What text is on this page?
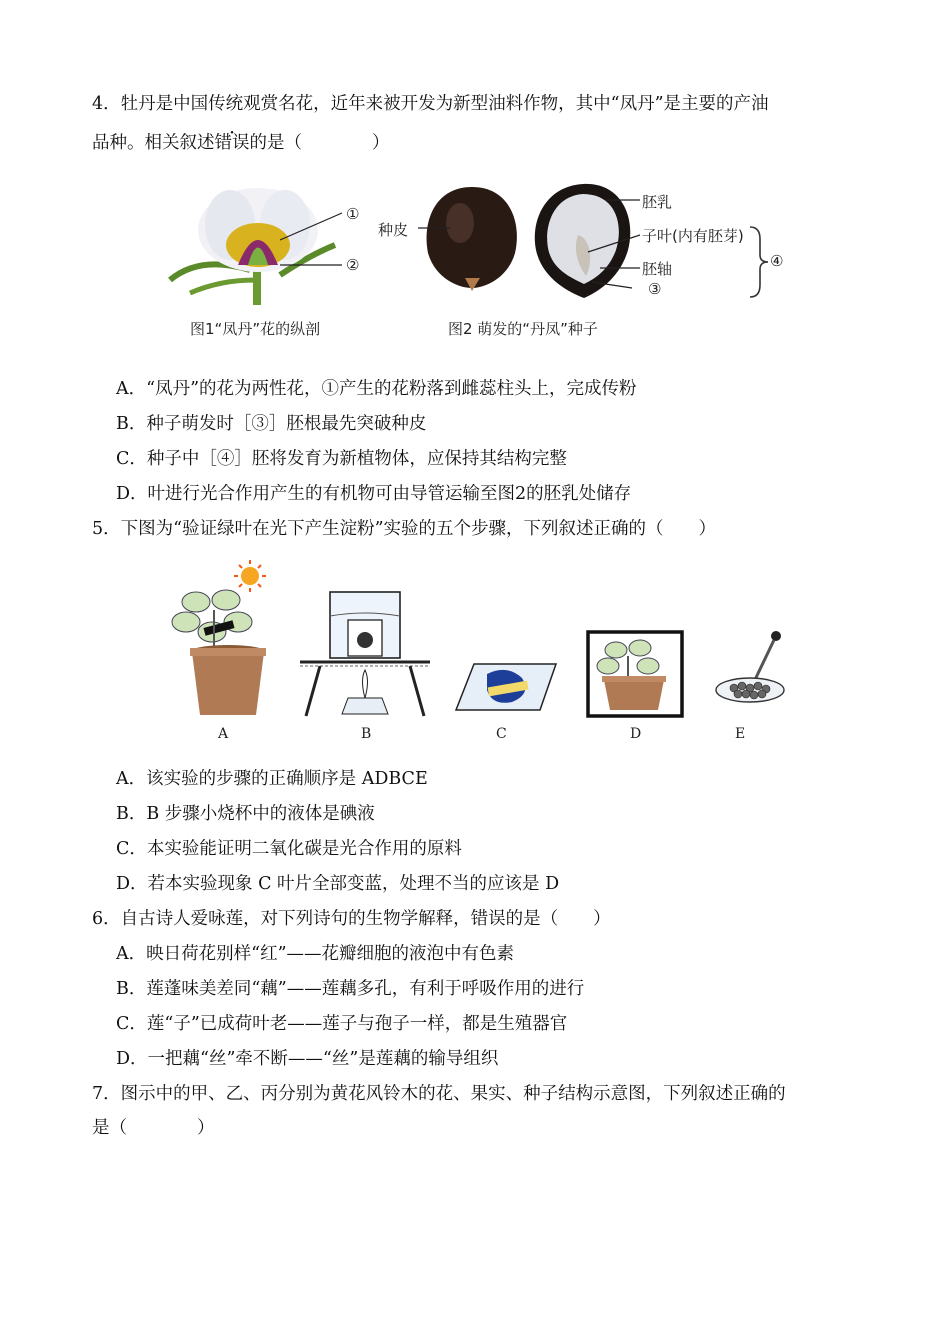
4．牡丹是中国传统观赏名花，近年来被开发为新型油料作物，其中“凤丹”是主要的产油
品种。相关叙述错误的是（　　　　）
①
②
种皮
胚乳
子叶(内有胚芽)
胚轴
③
④
图1“凤丹”花的纵剖	图2 萌发的“丹凤”种子
A．“凤丹”的花为两性花，①产生的花粉落到雌蕊柱头上，完成传粉
B．种子萌发时［③］胚根最先突破种皮
C．种子中［④］胚将发育为新植物体，应保持其结构完整
D．叶进行光合作用产生的有机物可由导管运输至图2的胚乳处储存
5．下图为“验证绿叶在光下产生淀粉”实验的五个步骤，下列叙述正确的（　　）
A	B	C	D	E
A．该实验的步骤的正确顺序是 ADBCE
B．B 步骤小烧杯中的液体是碘液
C．本实验能证明二氧化碳是光合作用的原料
D．若本实验现象 C 叶片全部变蓝，处理不当的应该是 D
6．自古诗人爱咏莲，对下列诗句的生物学解释，错误的是（　　）
A．映日荷花别样“红”——花瓣细胞的液泡中有色素
B．莲蓬味美差同“藕”——莲藕多孔，有利于呼吸作用的进行
C．莲“子”已成荷叶老——莲子与孢子一样，都是生殖器官
D．一把藕“丝”牵不断——“丝”是莲藕的输导组织
7．图示中的甲、乙、丙分别为黄花风铃木的花、果实、种子结构示意图，下列叙述正确的
是（　　　　）
